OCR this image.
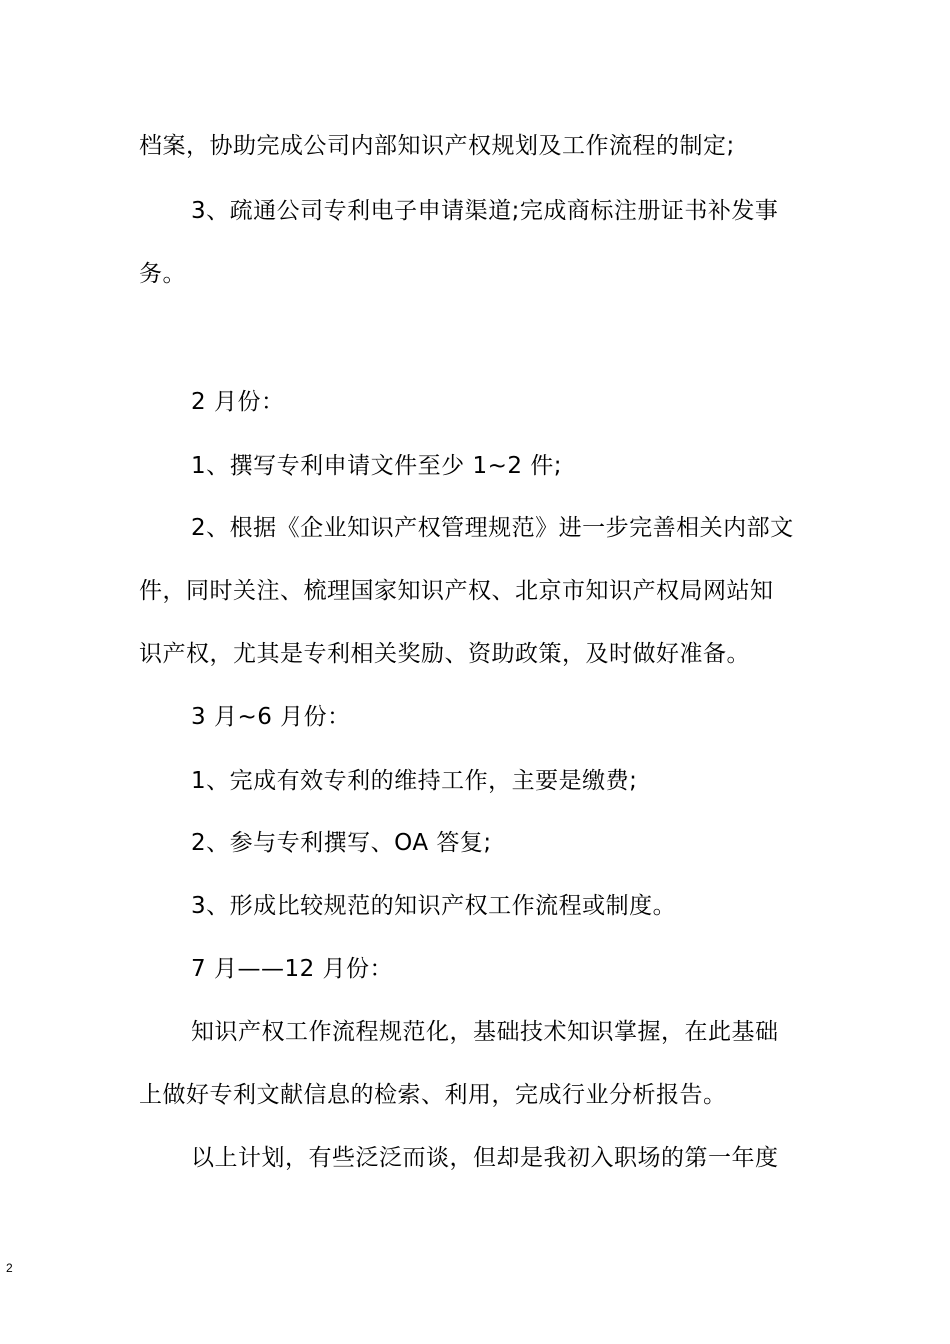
档案，协助完成公司内部知识产权规划及工作流程的制定;
3、疏通公司专利电子申请渠道;完成商标注册证书补发事
务。
2 月份：
1、撰写专利申请文件至少 1~2 件;
2、根据《企业知识产权管理规范》进一步完善相关内部文
件，同时关注、梳理国家知识产权、北京市知识产权局网站知
识产权，尤其是专利相关奖励、资助政策，及时做好准备。
3 月~6 月份：
1、完成有效专利的维持工作，主要是缴费;
2、参与专利撰写、OA 答复;
3、形成比较规范的知识产权工作流程或制度。
7 月——12 月份：
知识产权工作流程规范化，基础技术知识掌握，在此基础
上做好专利文献信息的检索、利用，完成行业分析报告。
以上计划，有些泛泛而谈，但却是我初入职场的第一年度
2
